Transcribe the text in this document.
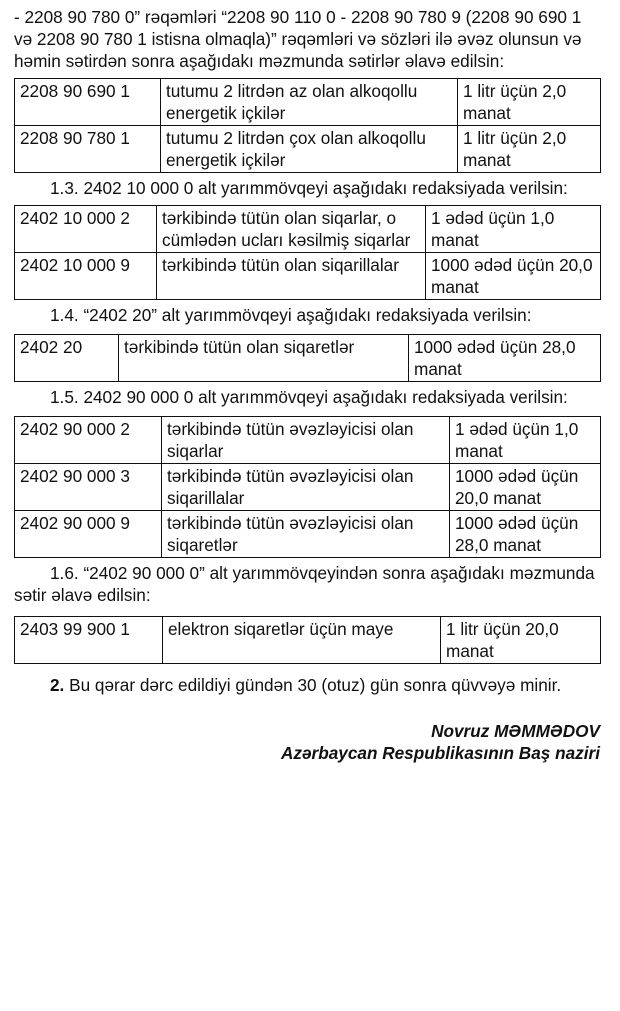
- 2208 90 780 0” rəqəmləri “2208 90 110 0 - 2208 90 780 9 (2208 90 690 1 və 2208 90 780 1 istisna olmaqla)” rəqəmləri və sözləri ilə əvəz olunsun və həmin sətirdən sonra aşağıdakı məzmunda sətirlər əlavə edilsin:

2208 90 690 1	tutumu 2 litrdən az olan alkoqollu energetik içkilər	1 litr üçün 2,0 manat
2208 90 780 1	tutumu 2 litrdən çox olan alkoqollu energetik içkilər	1 litr üçün 2,0 manat

1.3. 2402 10 000 0 alt yarımmövqeyi aşağıdakı redaksiyada verilsin:

2402 10 000 2	tərkibində tütün olan siqarlar, o cümlədən ucları kəsilmiş siqarlar	1 ədəd üçün 1,0 manat
2402 10 000 9	tərkibində tütün olan siqarillalar	1000 ədəd üçün 20,0 manat

1.4. “2402 20” alt yarımmövqeyi aşağıdakı redaksiyada verilsin:

2402 20	tərkibində tütün olan siqaretlər	1000 ədəd üçün 28,0 manat

1.5. 2402 90 000 0 alt yarımmövqeyi aşağıdakı redaksiyada verilsin:

2402 90 000 2	tərkibində tütün əvəzləyicisi olan siqarlar	1 ədəd üçün 1,0 manat
2402 90 000 3	tərkibində tütün əvəzləyicisi olan siqarillalar	1000 ədəd üçün 20,0 manat
2402 90 000 9	tərkibində tütün əvəzləyicisi olan siqaretlər	1000 ədəd üçün 28,0 manat

1.6. “2402 90 000 0” alt yarımmövqeyindən sonra aşağıdakı məzmunda sətir əlavə edilsin:

2403 99 900 1	elektron siqaretlər üçün maye	1 litr üçün 20,0 manat

2. Bu qərar dərc edildiyi gündən 30 (otuz) gün sonra qüvvəyə minir.

Novruz MƏMMƏDOV
Azərbaycan Respublikasının Baş naziri
